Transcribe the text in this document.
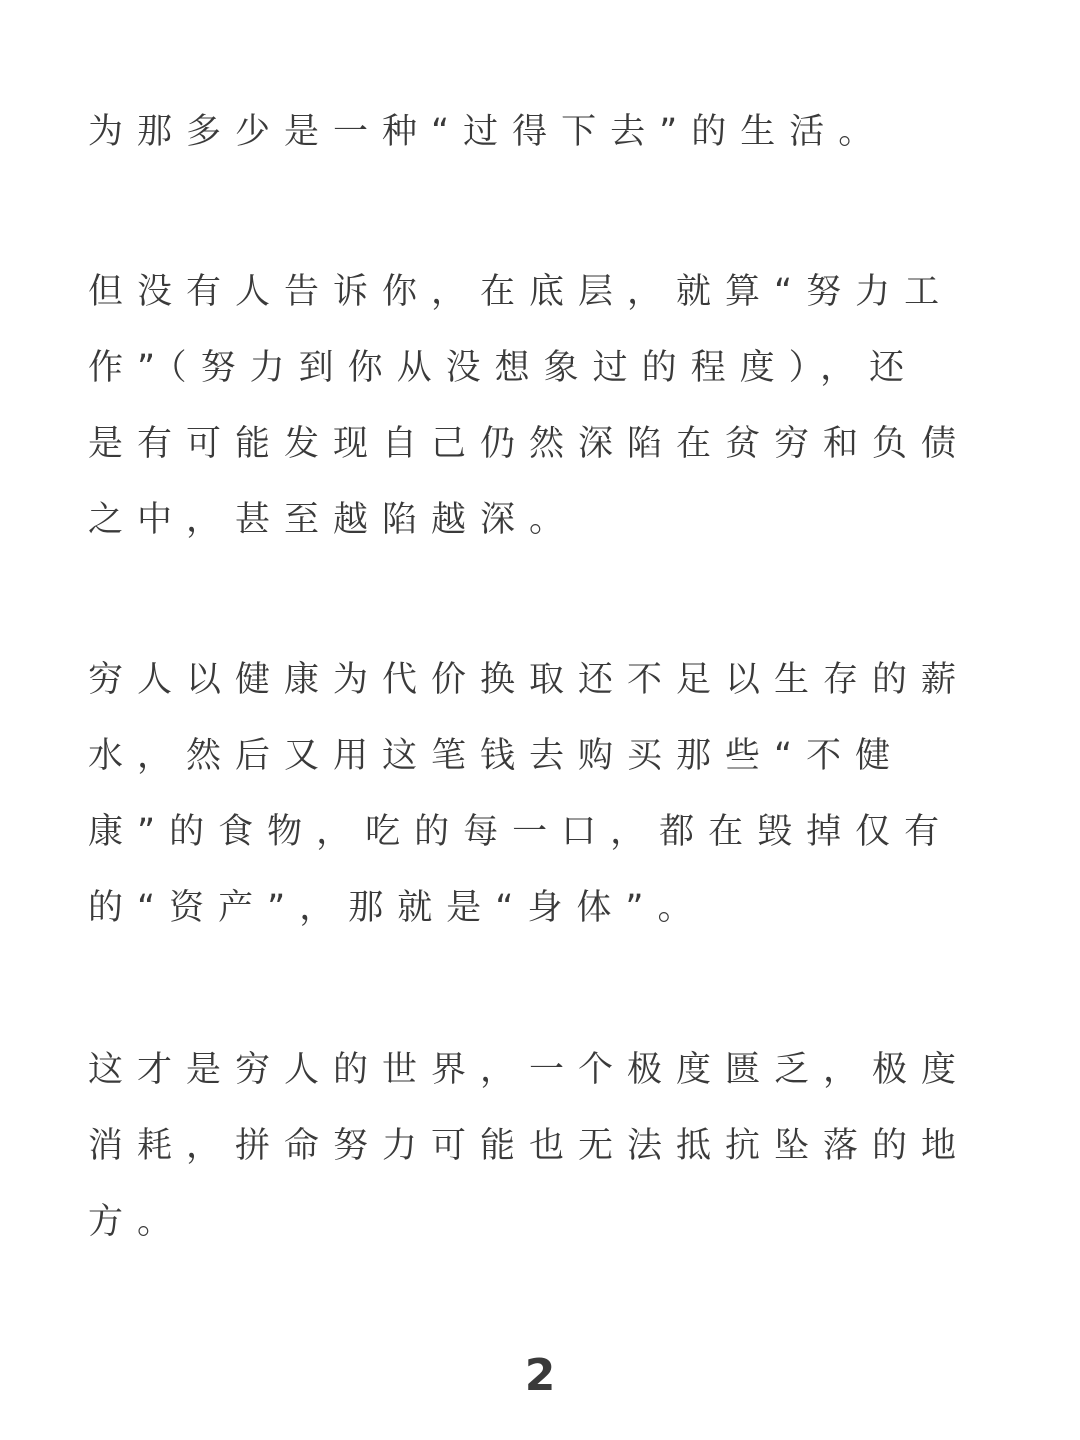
为那多少是一种“过得下去”的生活。

但没有人告诉你，在底层，就算“努力工
作”（努力到你从没想象过的程度），还
是有可能发现自己仍然深陷在贫穷和负债
之中，甚至越陷越深。

穷人以健康为代价换取还不足以生存的薪
水，然后又用这笔钱去购买那些“不健
康”的食物，吃的每一口，都在毁掉仅有
的“资产”，那就是“身体”。

这才是穷人的世界，一个极度匮乏，极度
消耗，拼命努力可能也无法抵抗坠落的地
方。

2
